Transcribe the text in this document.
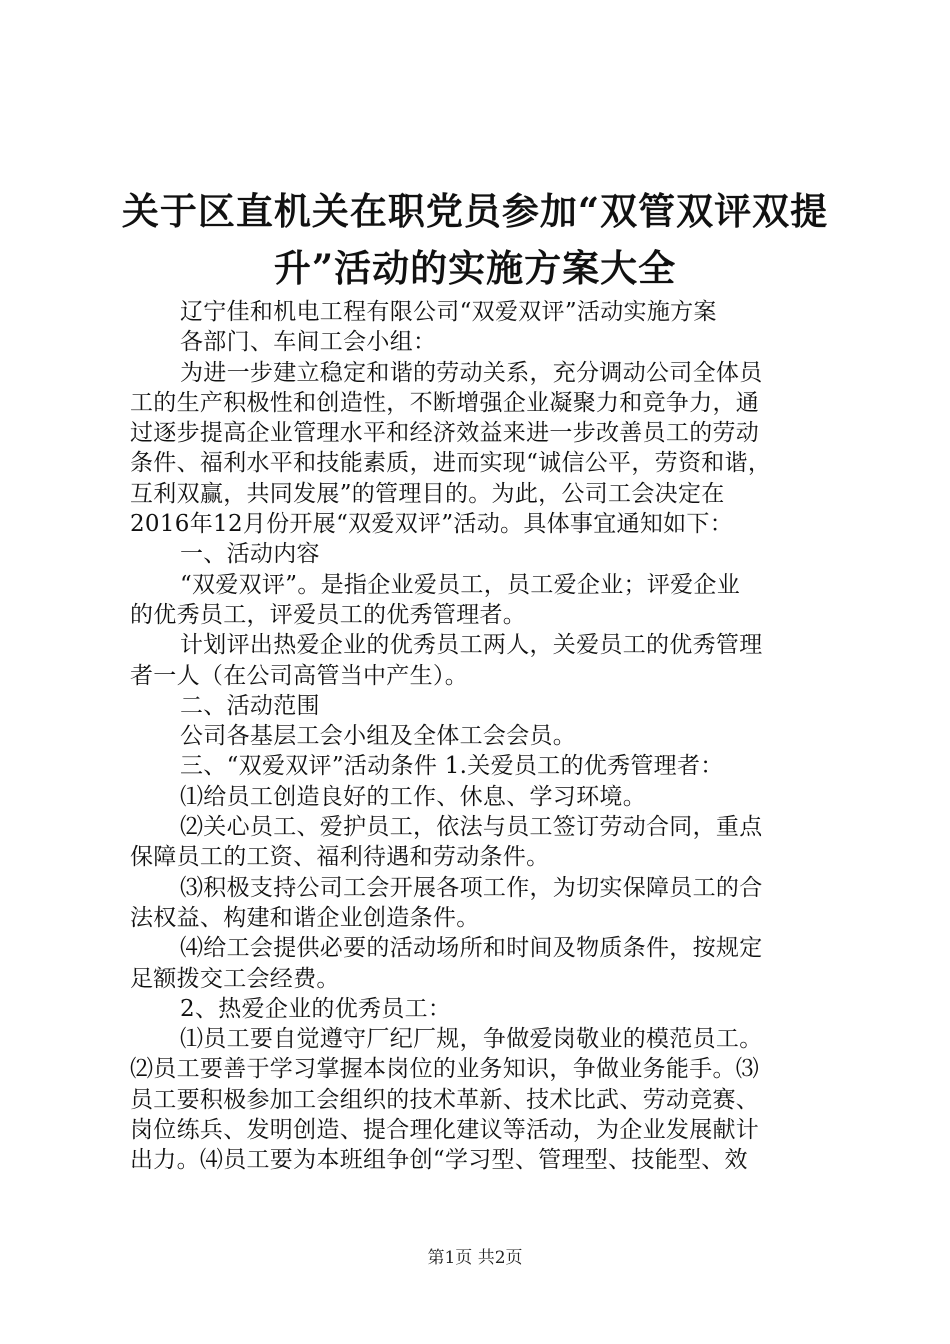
关于区直机关在职党员参加“双管双评双提
升”活动的实施方案大全
辽宁佳和机电工程有限公司“双爱双评”活动实施方案
各部门、车间工会小组：
为进一步建立稳定和谐的劳动关系，充分调动公司全体员
工的生产积极性和创造性，不断增强企业凝聚力和竞争力，通
过逐步提高企业管理水平和经济效益来进一步改善员工的劳动
条件、福利水平和技能素质，进而实现“诚信公平，劳资和谐，
互利双赢，共同发展”的管理目的。为此，公司工会决定在
2016年12月份开展“双爱双评”活动。具体事宜通知如下：
一、活动内容
“双爱双评”。是指企业爱员工，员工爱企业；评爱企业
的优秀员工，评爱员工的优秀管理者。
计划评出热爱企业的优秀员工两人，关爱员工的优秀管理
者一人（在公司高管当中产生）。
二、活动范围
公司各基层工会小组及全体工会会员。
三、“双爱双评”活动条件 1.关爱员工的优秀管理者：
⑴给员工创造良好的工作、休息、学习环境。
⑵关心员工、爱护员工，依法与员工签订劳动合同，重点
保障员工的工资、福利待遇和劳动条件。
⑶积极支持公司工会开展各项工作，为切实保障员工的合
法权益、构建和谐企业创造条件。
⑷给工会提供必要的活动场所和时间及物质条件，按规定
足额拨交工会经费。
2、热爱企业的优秀员工：
⑴员工要自觉遵守厂纪厂规，争做爱岗敬业的模范员工。
⑵员工要善于学习掌握本岗位的业务知识，争做业务能手。⑶
员工要积极参加工会组织的技术革新、技术比武、劳动竞赛、
岗位练兵、发明创造、提合理化建议等活动，为企业发展献计
出力。⑷员工要为本班组争创“学习型、管理型、技能型、效
第1页 共2页
